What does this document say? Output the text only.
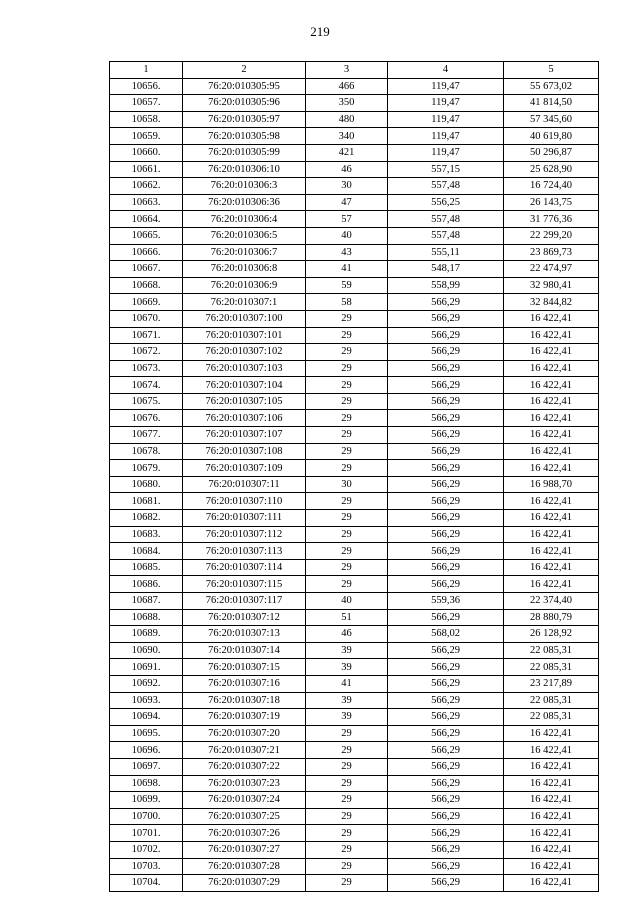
219
1	2	3	4	5
10656.	76:20:010305:95	466	119,47	55 673,02
10657.	76:20:010305:96	350	119,47	41 814,50
10658.	76:20:010305:97	480	119,47	57 345,60
10659.	76:20:010305:98	340	119,47	40 619,80
10660.	76:20:010305:99	421	119,47	50 296,87
10661.	76:20:010306:10	46	557,15	25 628,90
10662.	76:20:010306:3	30	557,48	16 724,40
10663.	76:20:010306:36	47	556,25	26 143,75
10664.	76:20:010306:4	57	557,48	31 776,36
10665.	76:20:010306:5	40	557,48	22 299,20
10666.	76:20:010306:7	43	555,11	23 869,73
10667.	76:20:010306:8	41	548,17	22 474,97
10668.	76:20:010306:9	59	558,99	32 980,41
10669.	76:20:010307:1	58	566,29	32 844,82
10670.	76:20:010307:100	29	566,29	16 422,41
10671.	76:20:010307:101	29	566,29	16 422,41
10672.	76:20:010307:102	29	566,29	16 422,41
10673.	76:20:010307:103	29	566,29	16 422,41
10674.	76:20:010307:104	29	566,29	16 422,41
10675.	76:20:010307:105	29	566,29	16 422,41
10676.	76:20:010307:106	29	566,29	16 422,41
10677.	76:20:010307:107	29	566,29	16 422,41
10678.	76:20:010307:108	29	566,29	16 422,41
10679.	76:20:010307:109	29	566,29	16 422,41
10680.	76:20:010307:11	30	566,29	16 988,70
10681.	76:20:010307:110	29	566,29	16 422,41
10682.	76:20:010307:111	29	566,29	16 422,41
10683.	76:20:010307:112	29	566,29	16 422,41
10684.	76:20:010307:113	29	566,29	16 422,41
10685.	76:20:010307:114	29	566,29	16 422,41
10686.	76:20:010307:115	29	566,29	16 422,41
10687.	76:20:010307:117	40	559,36	22 374,40
10688.	76:20:010307:12	51	566,29	28 880,79
10689.	76:20:010307:13	46	568,02	26 128,92
10690.	76:20:010307:14	39	566,29	22 085,31
10691.	76:20:010307:15	39	566,29	22 085,31
10692.	76:20:010307:16	41	566,29	23 217,89
10693.	76:20:010307:18	39	566,29	22 085,31
10694.	76:20:010307:19	39	566,29	22 085,31
10695.	76:20:010307:20	29	566,29	16 422,41
10696.	76:20:010307:21	29	566,29	16 422,41
10697.	76:20:010307:22	29	566,29	16 422,41
10698.	76:20:010307:23	29	566,29	16 422,41
10699.	76:20:010307:24	29	566,29	16 422,41
10700.	76:20:010307:25	29	566,29	16 422,41
10701.	76:20:010307:26	29	566,29	16 422,41
10702.	76:20:010307:27	29	566,29	16 422,41
10703.	76:20:010307:28	29	566,29	16 422,41
10704.	76:20:010307:29	29	566,29	16 422,41
